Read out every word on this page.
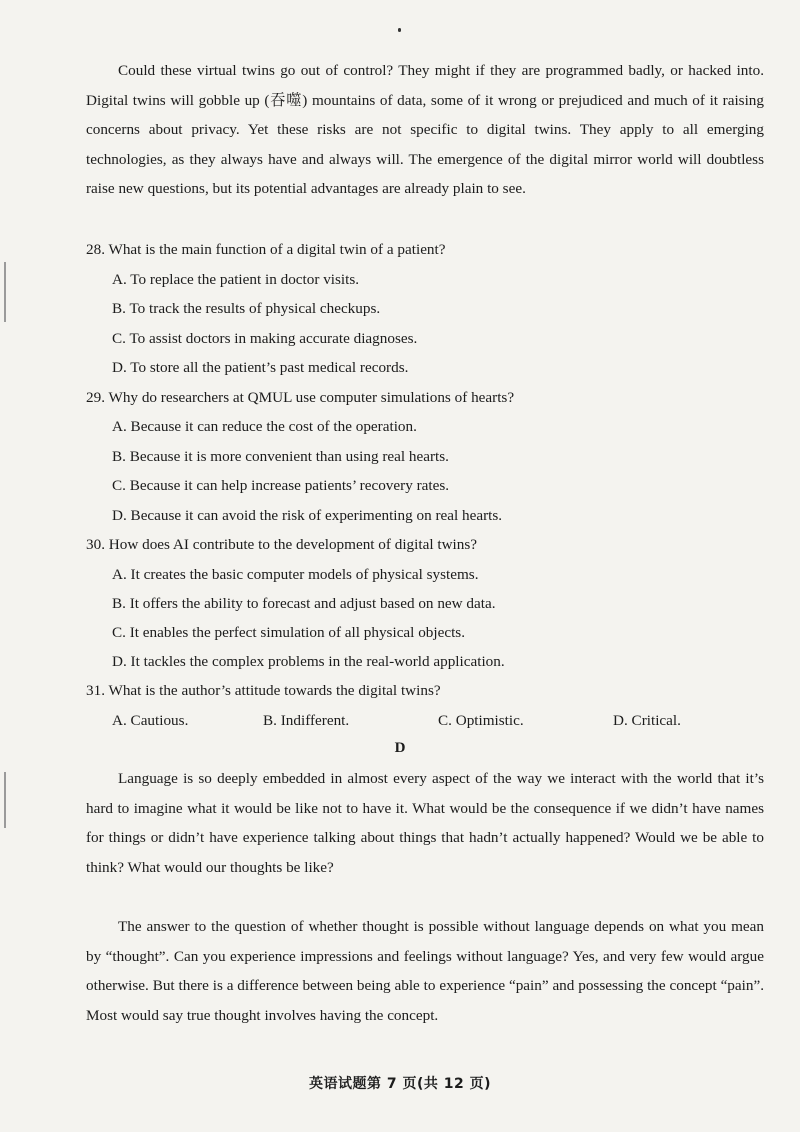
Could these virtual twins go out of control? They might if they are programmed badly, or hacked into. Digital twins will gobble up (吞噬) mountains of data, some of it wrong or prejudiced and much of it raising concerns about privacy. Yet these risks are not specific to digital twins. They apply to all emerging technologies, as they always have and always will. The emergence of the digital mirror world will doubtless raise new questions, but its potential advantages are already plain to see.

28. What is the main function of a digital twin of a patient?

A. To replace the patient in doctor visits.

B. To track the results of physical checkups.

C. To assist doctors in making accurate diagnoses.

D. To store all the patient’s past medical records.

29. Why do researchers at QMUL use computer simulations of hearts?

A. Because it can reduce the cost of the operation.

B. Because it is more convenient than using real hearts.

C. Because it can help increase patients’ recovery rates.

D. Because it can avoid the risk of experimenting on real hearts.

30. How does AI contribute to the development of digital twins?

A. It creates the basic computer models of physical systems.

B. It offers the ability to forecast and adjust based on new data.

C. It enables the perfect simulation of all physical objects.

D. It tackles the complex problems in the real-world application.

31. What is the author’s attitude towards the digital twins?

A. Cautious.	B. Indifferent.	C. Optimistic.	D. Critical.

D

Language is so deeply embedded in almost every aspect of the way we interact with the world that it’s hard to imagine what it would be like not to have it. What would be the consequence if we didn’t have names for things or didn’t have experience talking about things that hadn’t actually happened? Would we be able to think? What would our thoughts be like?

The answer to the question of whether thought is possible without language depends on what you mean by “thought”. Can you experience impressions and feelings without language? Yes, and very few would argue otherwise. But there is a difference between being able to experience “pain” and possessing the concept “pain”. Most would say true thought involves having the concept.

英语试题第 7 页(共 12 页)
